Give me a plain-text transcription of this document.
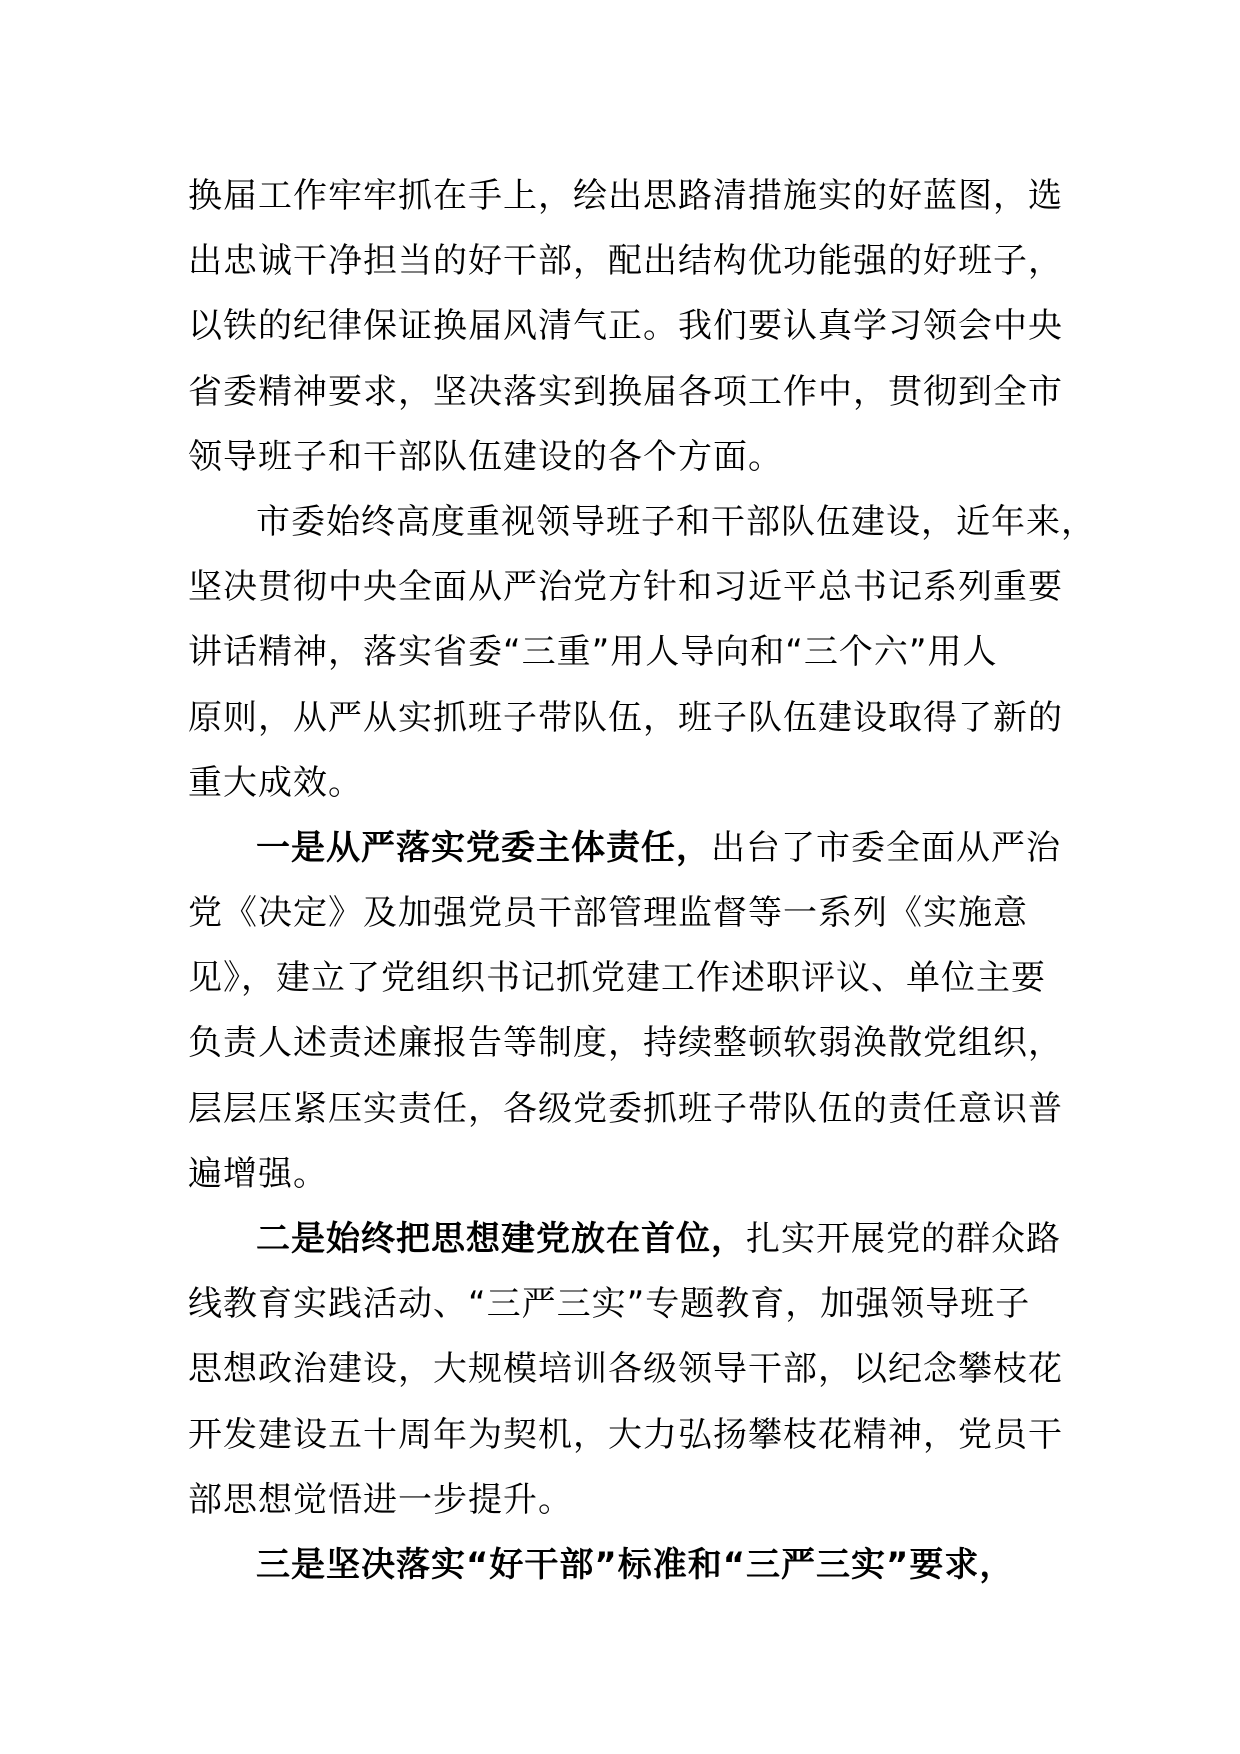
换届工作牢牢抓在手上，绘出思路清措施实的好蓝图，选
出忠诚干净担当的好干部，配出结构优功能强的好班子，
以铁的纪律保证换届风清气正。我们要认真学习领会中央
省委精神要求，坚决落实到换届各项工作中，贯彻到全市
领导班子和干部队伍建设的各个方面。
市委始终高度重视领导班子和干部队伍建设，近年来，
坚决贯彻中央全面从严治党方针和习近平总书记系列重要
讲话精神，落实省委“三重”用人导向和“三个六”用人
原则，从严从实抓班子带队伍，班子队伍建设取得了新的
重大成效。
一是从严落实党委主体责任，出台了市委全面从严治
党《决定》及加强党员干部管理监督等一系列《实施意
见》，建立了党组织书记抓党建工作述职评议、单位主要
负责人述责述廉报告等制度，持续整顿软弱涣散党组织，
层层压紧压实责任，各级党委抓班子带队伍的责任意识普
遍增强。
二是始终把思想建党放在首位，扎实开展党的群众路
线教育实践活动、“三严三实”专题教育，加强领导班子
思想政治建设，大规模培训各级领导干部，以纪念攀枝花
开发建设五十周年为契机，大力弘扬攀枝花精神，党员干
部思想觉悟进一步提升。
三是坚决落实“好干部”标准和“三严三实”要求，
